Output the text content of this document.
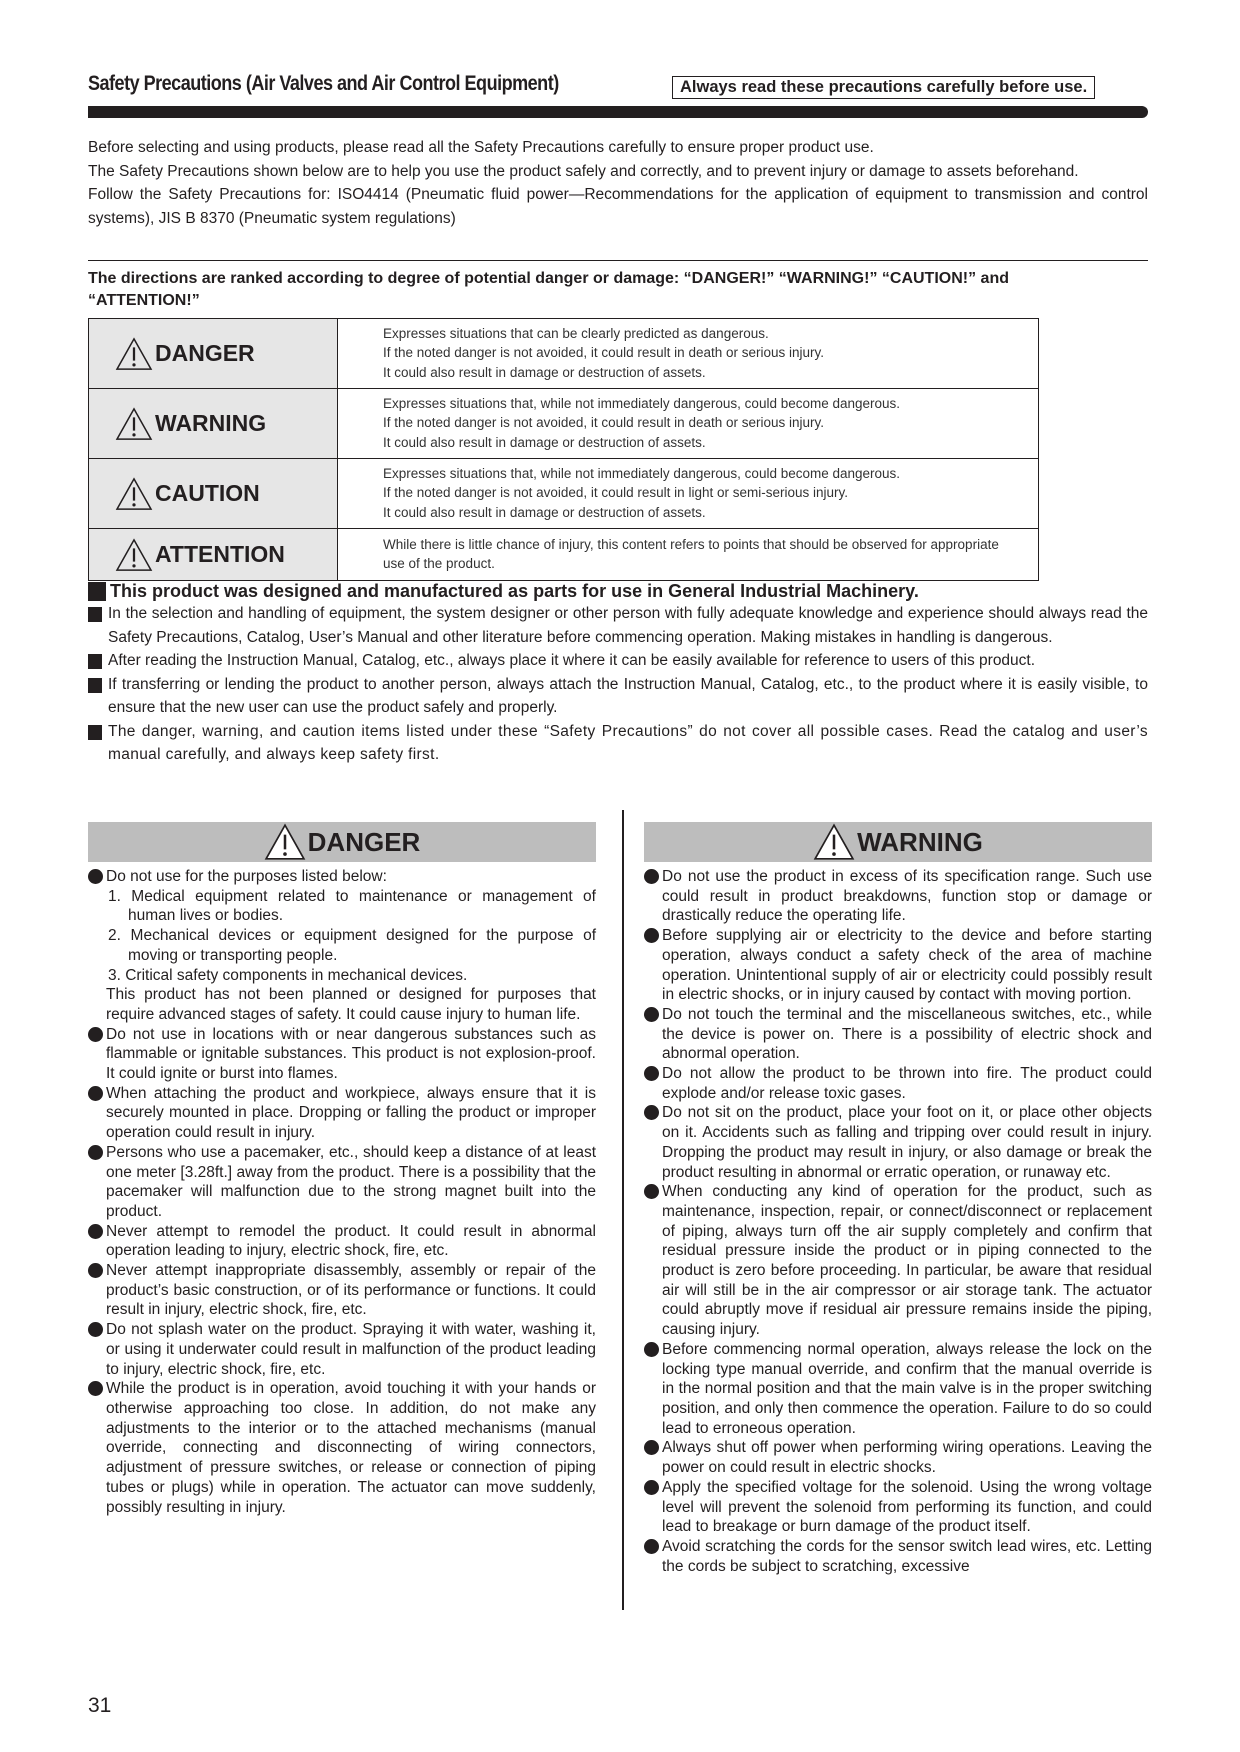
Safety Precautions (Air Valves and Air Control Equipment)	Always read these precautions carefully before use.

Before selecting and using products, please read all the Safety Precautions carefully to ensure proper product use.

The Safety Precautions shown below are to help you use the product safely and correctly, and to prevent injury or damage to assets beforehand.

Follow the Safety Precautions for: ISO4414 (Pneumatic fluid power—Recommendations for the application of equipment to transmission and control systems), JIS B 8370 (Pneumatic system regulations)

The directions are ranked according to degree of potential danger or damage: “DANGER!” “WARNING!” “CAUTION!” and “ATTENTION!”
DANGER	Expresses situations that can be clearly predicted as dangerous.
If the noted danger is not avoided, it could result in death or serious injury.
It could also result in damage or destruction of assets.

WARNING	Expresses situations that, while not immediately dangerous, could become dangerous.
If the noted danger is not avoided, it could result in death or serious injury.
It could also result in damage or destruction of assets.

CAUTION	Expresses situations that, while not immediately dangerous, could become dangerous.
If the noted danger is not avoided, it could result in light or semi-serious injury.
It could also result in damage or destruction of assets.

ATTENTION	While there is little chance of injury, this content refers to points that should be observed for appropriate use of the product.
This product was designed and manufactured as parts for use in General Industrial Machinery.
In the selection and handling of equipment, the system designer or other person with fully adequate knowledge and experience should always read the Safety Precautions, Catalog, User’s Manual and other literature before commencing operation. Making mistakes in handling is dangerous.
After reading the Instruction Manual, Catalog, etc., always place it where it can be easily available for reference to users of this product.
If transferring or lending the product to another person, always attach the Instruction Manual, Catalog, etc., to the product where it is easily visible, to ensure that the new user can use the product safely and properly.
The danger, warning, and caution items listed under these “Safety Precautions” do not cover all possible cases. Read the catalog and user’s manual carefully, and always keep safety first.
DANGER
Do not use for the purposes listed below:
1. Medical equipment related to maintenance or management of human lives or bodies.
2. Mechanical devices or equipment designed for the purpose of moving or transporting people.
3. Critical safety components in mechanical devices.
This product has not been planned or designed for purposes that require advanced stages of safety. It could cause injury to human life.
Do not use in locations with or near dangerous substances such as flammable or ignitable substances. This product is not explosion-proof. It could ignite or burst into flames.
When attaching the product and workpiece, always ensure that it is securely mounted in place. Dropping or falling the product or improper operation could result in injury.
Persons who use a pacemaker, etc., should keep a distance of at least one meter [3.28ft.] away from the product. There is a possibility that the pacemaker will malfunction due to the strong magnet built into the product.
Never attempt to remodel the product. It could result in abnormal operation leading to injury, electric shock, fire, etc.
Never attempt inappropriate disassembly, assembly or repair of the product’s basic construction, or of its performance or functions. It could result in injury, electric shock, fire, etc.
Do not splash water on the product. Spraying it with water, washing it, or using it underwater could result in malfunction of the product leading to injury, electric shock, fire, etc.
While the product is in operation, avoid touching it with your hands or otherwise approaching too close. In addition, do not make any adjustments to the interior or to the attached mechanisms (manual override, connecting and disconnecting of wiring connectors, adjustment of pressure switches, or release or connection of piping tubes or plugs) while in operation. The actuator can move suddenly, possibly resulting in injury.
WARNING
Do not use the product in excess of its specification range. Such use could result in product breakdowns, function stop or damage or drastically reduce the operating life.
Before supplying air or electricity to the device and before starting operation, always conduct a safety check of the area of machine operation. Unintentional supply of air or electricity could possibly result in electric shocks, or in injury caused by contact with moving portion.
Do not touch the terminal and the miscellaneous switches, etc., while the device is power on. There is a possibility of electric shock and abnormal operation.
Do not allow the product to be thrown into fire. The product could explode and/or release toxic gases.
Do not sit on the product, place your foot on it, or place other objects on it. Accidents such as falling and tripping over could result in injury. Dropping the product may result in injury, or also damage or break the product resulting in abnormal or erratic operation, or runaway etc.
When conducting any kind of operation for the product, such as maintenance, inspection, repair, or connect/disconnect or replacement of piping, always turn off the air supply completely and confirm that residual pressure inside the product or in piping connected to the product is zero before proceeding. In particular, be aware that residual air will still be in the air compressor or air storage tank. The actuator could abruptly move if residual air pressure remains inside the piping, causing injury.
Before commencing normal operation, always release the lock on the locking type manual override, and confirm that the manual override is in the normal position and that the main valve is in the proper switching position, and only then commence the operation. Failure to do so could lead to erroneous operation.
Always shut off power when performing wiring operations. Leaving the power on could result in electric shocks.
Apply the specified voltage for the solenoid. Using the wrong voltage level will prevent the solenoid from performing its function, and could lead to breakage or burn damage of the product itself.
Avoid scratching the cords for the sensor switch lead wires, etc. Letting the cords be subject to scratching, excessive
31
